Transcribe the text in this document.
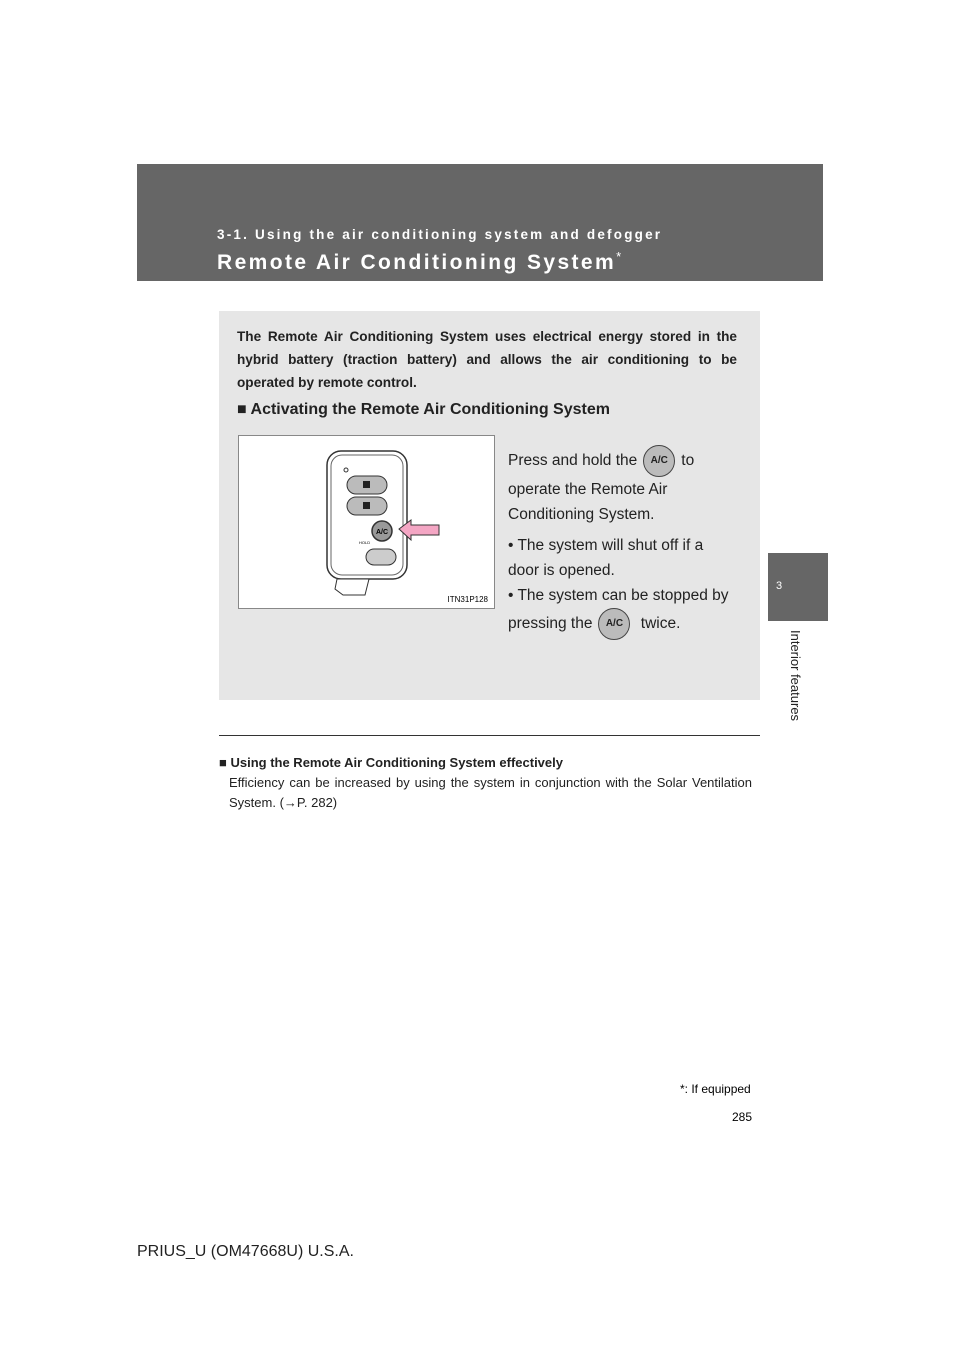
3-1. Using the air conditioning system and defogger
Remote Air Conditioning System*
3
Interior features
The Remote Air Conditioning System uses electrical energy stored in the hybrid battery (traction battery) and allows the air conditioning to be operated by remote control.
■ Activating the Remote Air Conditioning System
A/C
HOLD
ITN31P128
Press and hold the A/C to operate the Remote Air Conditioning System.
• The system will shut off if a door is opened.
• The system can be stopped by pressing the A/C twice.
■ Using the Remote Air Conditioning System effectively
Efficiency can be increased by using the system in conjunction with the Solar Ventilation System. (→P. 282)
*: If equipped
285
PRIUS_U (OM47668U) U.S.A.
